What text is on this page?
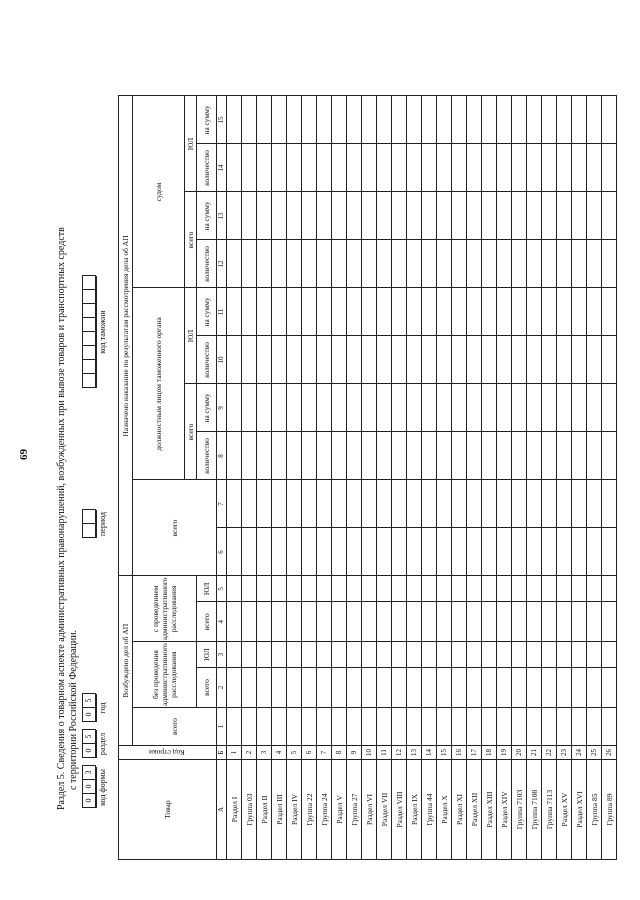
69	Раздел 5. Сведения о товарном аспекте административных правонарушений, возбужденных при вывозе товаров и транспортных средств с территории Российской Федерации.
0
0
3 код формы
0
5 раздел
0
5
год
период
код таможни
Товар	Код строки	Возбуждено дел об АП					Назначено наказание по результатам рассмотрения дела об АП									
		всего	без проведения административного расследования		с проведением административного расследования		всего		должностным лицом таможенного органа				судом			
									всего		ЮЛ		всего		ЮЛ	
			всего	ЮЛ	всего	ЮЛ			количество	на сумму	количество	на сумму	количество	на сумму	количество	на сумму

А	Б	1	2	3	4	5	6	7	8	9	10	11	12	13	14	15
Раздел I	1															
Группа 03	2															
Раздел II	3															
Раздел III	4															
Раздел IV	5															
Группа 22	6															
Группа 24	7															
Раздел V	8															
Группа 27	9															
Раздел VI	10															
Раздел VII	11															
Раздел VIII	12															
Раздел IX	13															
Группа 44	14															
Раздел X	15															
Раздел XI	16															
Раздел XII	17															
Раздел XIII	18															
Раздел XIV	19															
Группа 7103	20															
Группа 7108	21															
Группа 7113	22															
Раздел XV	23															
Раздел XVI	24															
Группа 85	25															
Группа 89	26															
